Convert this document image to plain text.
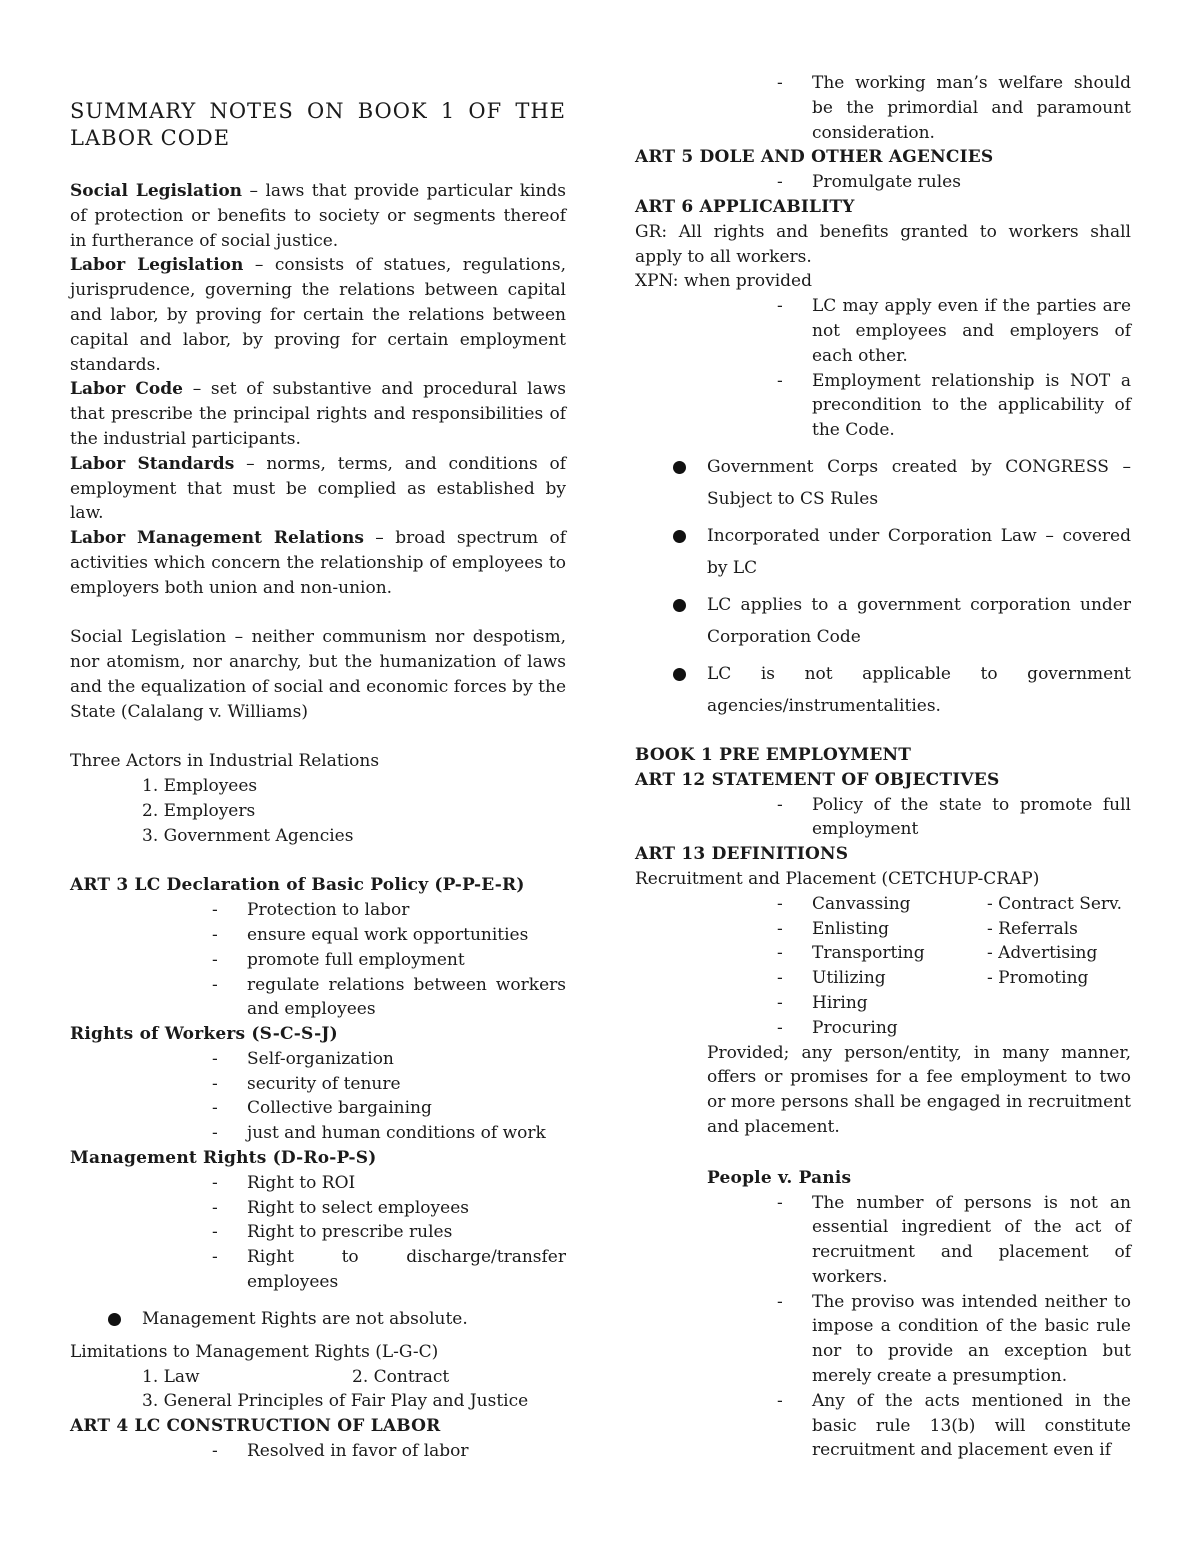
SUMMARY NOTES ON BOOK 1 OF THE LABOR CODE

Social Legislation – laws that provide particular kinds of protection or benefits to society or segments thereof in furtherance of social justice.

Labor Legislation – consists of statues, regulations, jurisprudence, governing the relations between capital and labor, by proving for certain the relations between capital and labor, by proving for certain employment standards.

Labor Code – set of substantive and procedural laws that prescribe the principal rights and responsibilities of the industrial participants.

Labor Standards – norms, terms, and conditions of employment that must be complied as established by law.

Labor Management Relations – broad spectrum of activities which concern the relationship of employees to employers both union and non-union.

Social Legislation – neither communism nor despotism, nor atomism, nor anarchy, but the humanization of laws and the equalization of social and economic forces by the State (Calalang v. Williams)

Three Actors in Industrial Relations

1. Employees
2. Employers
3. Government Agencies

ART 3 LC Declaration of Basic Policy (P-P-E-R)

- Protection to labor
- ensure equal work opportunities
- promote full employment
- regulate relations between workers and employees

Rights of Workers (S-C-S-J)

- Self-organization
- security of tenure
- Collective bargaining
- just and human conditions of work

Management Rights (D-Ro-P-S)

- Right to ROI
- Right to select employees
- Right to prescribe rules
- Right to discharge/transfer employees
Management Rights are not absolute.

Limitations to Management Rights (L-G-C)

1. Law	2. Contract
3. General Principles of Fair Play and Justice

ART 4 LC CONSTRUCTION OF LABOR

- Resolved in favor of labor
- The working man’s welfare should be the primordial and paramount consideration.

ART 5 DOLE AND OTHER AGENCIES

- Promulgate rules

ART 6 APPLICABILITY

GR: All rights and benefits granted to workers shall apply to all workers.

XPN: when provided

- LC may apply even if the parties are not employees and employers of each other.
- Employment relationship is NOT a precondition to the applicability of the Code.
Government Corps created by CONGRESS – Subject to CS Rules
Incorporated under Corporation Law – covered by LC
LC applies to a government corporation under Corporation Code
LC is not applicable to government agencies/instrumentalities.

BOOK 1 PRE EMPLOYMENT

ART 12 STATEMENT OF OBJECTIVES

- Policy of the state to promote full employment

ART 13 DEFINITIONS

Recruitment and Placement (CETCHUP-CRAP)

- Canvassing	- Contract Serv.
- Enlisting	- Referrals
- Transporting	- Advertising
- Utilizing	- Promoting
- Hiring
- Procuring

Provided; any person/entity, in many manner, offers or promises for a fee employment to two or more persons shall be engaged in recruitment and placement.

People v. Panis

- The number of persons is not an essential ingredient of the act of recruitment and placement of workers.
- The proviso was intended neither to impose a condition of the basic rule nor to provide an exception but merely create a presumption.
- Any of the acts mentioned in the basic rule 13(b) will constitute recruitment and placement even if
